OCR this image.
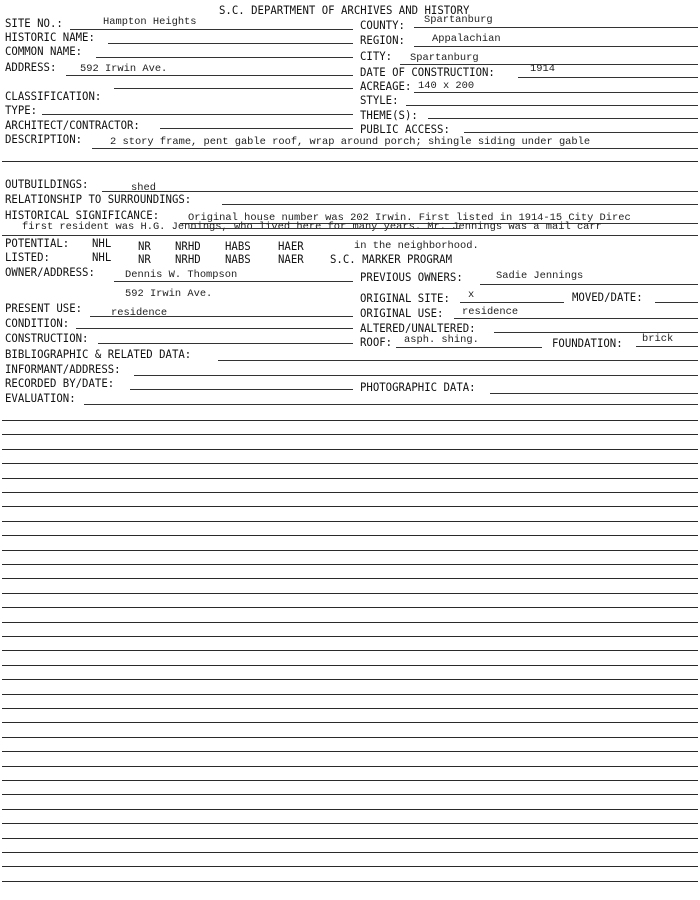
S.C. DEPARTMENT OF ARCHIVES AND HISTORY
SITE NO.:	Hampton Heights
HISTORIC NAME:
COMMON NAME:
ADDRESS: 592 Irwin Ave.
CLASSIFICATION:
TYPE:
ARCHITECT/CONTRACTOR:
COUNTY: Spartanburg
REGION:	Appalachian
CITY: Spartanburg
DATE OF CONSTRUCTION:	1914
ACREAGE: 140 x 200
STYLE:
THEME(S):
PUBLIC ACCESS:
DESCRIPTION:	2 story frame, pent gable roof, wrap around porch; shingle siding under gable
OUTBUILDINGS:	shed
RELATIONSHIP TO SURROUNDINGS:
HISTORICAL SIGNIFICANCE:	Original house number was 202 Irwin. First listed in 1914-15 City Direc
first resident was H.G. Jennings, who lived here for many years. Mr. Jennings was a mail carr
POTENTIAL: NHL NR NRHD HABS HAER	in the neighborhood.
LISTED:	NHL NR NRHD NABS NAER S.C. MARKER PROGRAM
OWNER/ADDRESS:	Dennis W. Thompson
592 Irwin Ave.
PREVIOUS OWNERS:	Sadie Jennings
ORIGINAL SITE: x	MOVED/DATE:
PRESENT USE:	residence
CONDITION:
CONSTRUCTION:
ORIGINAL USE: residence
ALTERED/UNALTERED:
ROOF: asph. shing.	FOUNDATION: brick
BIBLIOGRAPHIC & RELATED DATA:
INFORMANT/ADDRESS:
RECORDED BY/DATE:	PHOTOGRAPHIC DATA:
EVALUATION:
